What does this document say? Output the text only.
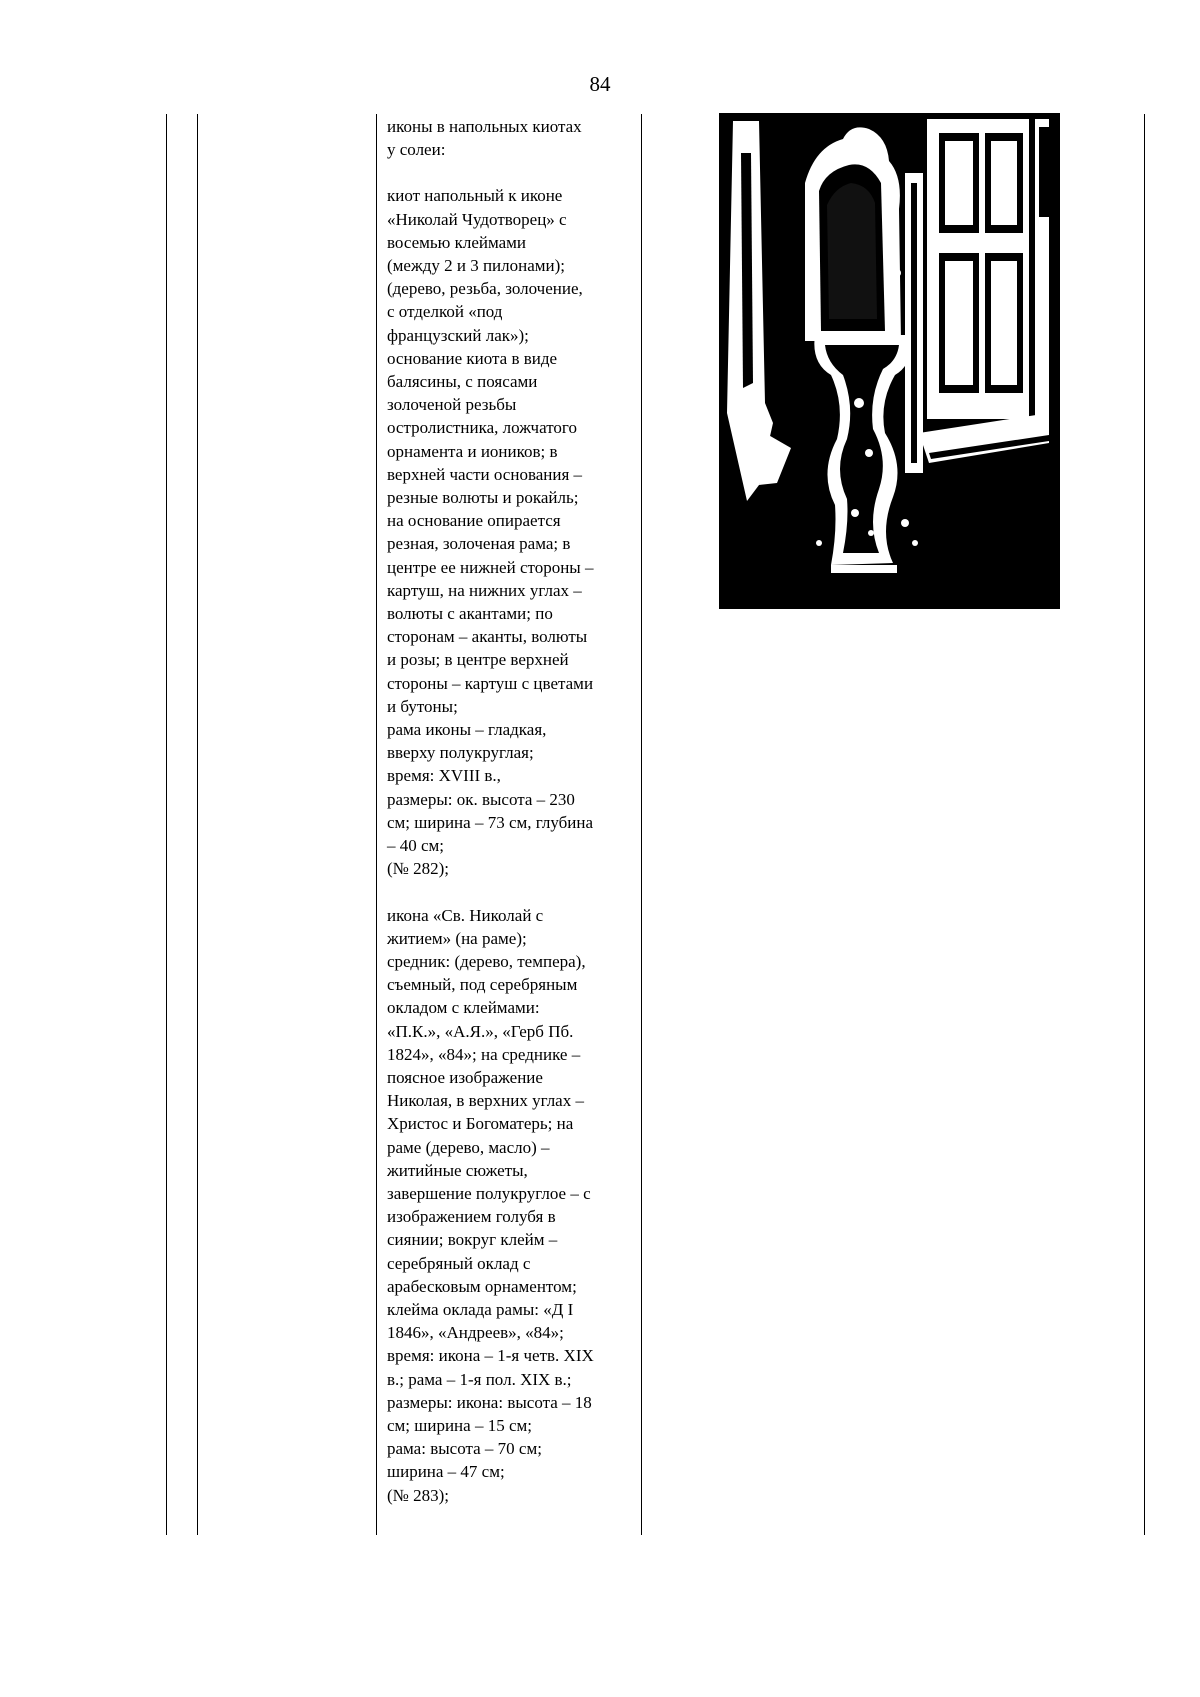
84

иконы в напольных киотах

у солеи:

киот напольный к иконе

«Николай Чудотворец» с

восемью клеймами

(между 2 и 3 пилонами);

(дерево, резьба, золочение,

с отделкой «под

французский лак»);

основание киота в виде

балясины, с поясами

золоченой резьбы

остролистника, ложчатого

орнамента и иоников; в

верхней части основания –

резные волюты и рокайль;

на основание опирается

резная, золоченая рама; в

центре ее нижней стороны –

картуш, на нижних углах –

волюты с акантами; по

сторонам – аканты, волюты

и розы; в центре верхней

стороны – картуш с цветами

и бутоны;

рама иконы – гладкая,

вверху полукруглая;

время: XVIII в.,

размеры: ок. высота – 230

см; ширина – 73 см, глубина

– 40 см;

(№ 282);

икона «Св. Николай с

житием» (на раме);

средник: (дерево, темпера),

съемный, под серебряным

окладом с клеймами:

«П.К.», «А.Я.», «Герб Пб.

1824», «84»; на среднике –

поясное изображение

Николая, в верхних углах –

Христос и Богоматерь; на

раме (дерево, масло) –

житийные сюжеты,

завершение полукруглое – с

изображением голубя в

сиянии; вокруг клейм –

серебряный оклад с

арабесковым орнаментом;

клейма оклада рамы: «Д I

1846», «Андреев», «84»;

время: икона – 1-я четв. XIX

в.; рама – 1-я пол. XIX в.;

размеры: икона: высота – 18

см; ширина – 15 см;

рама: высота – 70 см;

ширина – 47 см;

(№ 283);
